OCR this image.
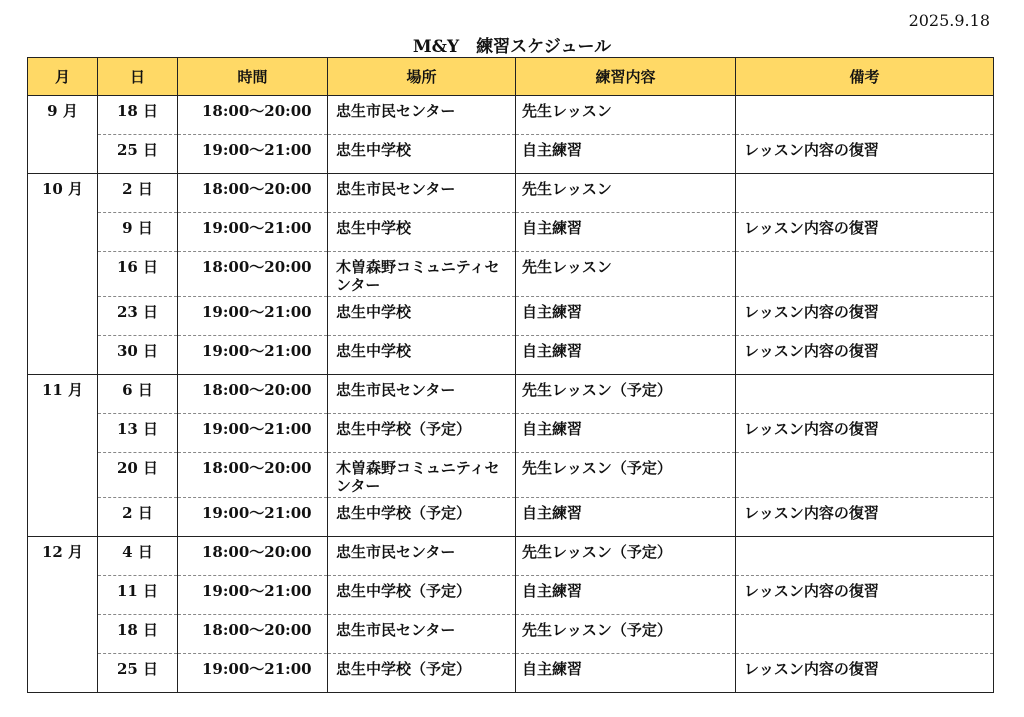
2025.9.18
M&Y　練習スケジュール
月	日	時間	場所	練習内容	備考
9 月	18 日	18:00〜20:00	忠生市民センター	先生レッスン	
	25 日	19:00〜21:00	忠生中学校	自主練習	レッスン内容の復習
10 月	2 日	18:00〜20:00	忠生市民センター	先生レッスン	
	9 日	19:00〜21:00	忠生中学校	自主練習	レッスン内容の復習
	16 日	18:00〜20:00	木曽森野コミュニティセンター	先生レッスン	
	23 日	19:00〜21:00	忠生中学校	自主練習	レッスン内容の復習
	30 日	19:00〜21:00	忠生中学校	自主練習	レッスン内容の復習
11 月	6 日	18:00〜20:00	忠生市民センター	先生レッスン（予定）	
	13 日	19:00〜21:00	忠生中学校（予定）	自主練習	レッスン内容の復習
	20 日	18:00〜20:00	木曽森野コミュニティセンター	先生レッスン（予定）	
	2 日	19:00〜21:00	忠生中学校（予定）	自主練習	レッスン内容の復習
12 月	4 日	18:00〜20:00	忠生市民センター	先生レッスン（予定）	
	11 日	19:00〜21:00	忠生中学校（予定）	自主練習	レッスン内容の復習
	18 日	18:00〜20:00	忠生市民センター	先生レッスン（予定）	
	25 日	19:00〜21:00	忠生中学校（予定）	自主練習	レッスン内容の復習
